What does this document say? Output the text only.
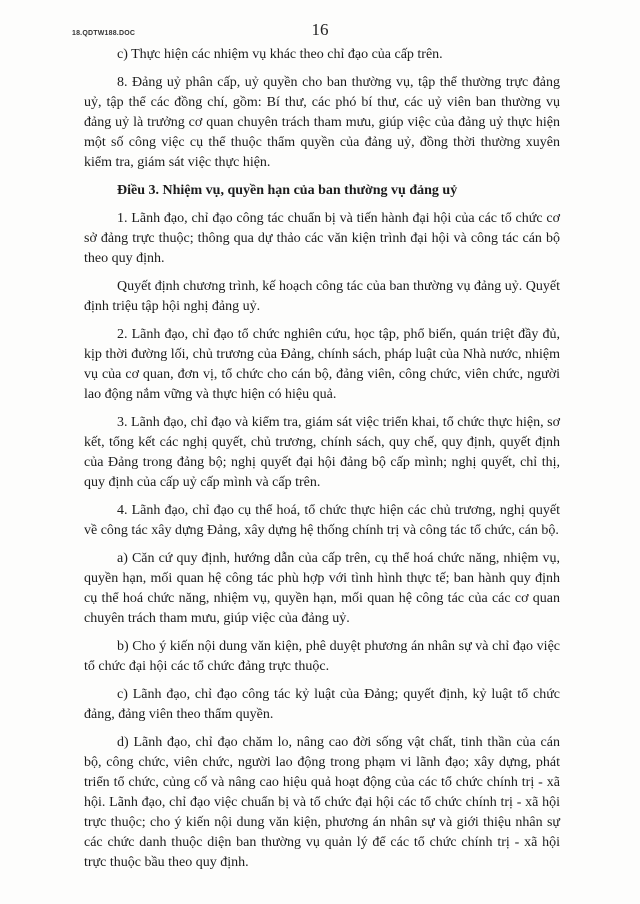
18.QDTW188.DOC	16

c) Thực hiện các nhiệm vụ khác theo chỉ đạo của cấp trên.

8. Đảng uỷ phân cấp, uỷ quyền cho ban thường vụ, tập thể thường trực đảng uỷ, tập thể các đồng chí, gồm: Bí thư, các phó bí thư, các uỷ viên ban thường vụ đảng uỷ là trưởng cơ quan chuyên trách tham mưu, giúp việc của đảng uỷ thực hiện một số công việc cụ thể thuộc thẩm quyền của đảng uỷ, đồng thời thường xuyên kiểm tra, giám sát việc thực hiện.

Điều 3. Nhiệm vụ, quyền hạn của ban thường vụ đảng uỷ

1. Lãnh đạo, chỉ đạo công tác chuẩn bị và tiến hành đại hội của các tổ chức cơ sở đảng trực thuộc; thông qua dự thảo các văn kiện trình đại hội và công tác cán bộ theo quy định.

Quyết định chương trình, kế hoạch công tác của ban thường vụ đảng uỷ. Quyết định triệu tập hội nghị đảng uỷ.

2. Lãnh đạo, chỉ đạo tổ chức nghiên cứu, học tập, phổ biến, quán triệt đầy đủ, kịp thời đường lối, chủ trương của Đảng, chính sách, pháp luật của Nhà nước, nhiệm vụ của cơ quan, đơn vị, tổ chức cho cán bộ, đảng viên, công chức, viên chức, người lao động nắm vững và thực hiện có hiệu quả.

3. Lãnh đạo, chỉ đạo và kiểm tra, giám sát việc triển khai, tổ chức thực hiện, sơ kết, tổng kết các nghị quyết, chủ trương, chính sách, quy chế, quy định, quyết định của Đảng trong đảng bộ; nghị quyết đại hội đảng bộ cấp mình; nghị quyết, chỉ thị, quy định của cấp uỷ cấp mình và cấp trên.

4. Lãnh đạo, chỉ đạo cụ thể hoá, tổ chức thực hiện các chủ trương, nghị quyết về công tác xây dựng Đảng, xây dựng hệ thống chính trị và công tác tổ chức, cán bộ.

a) Căn cứ quy định, hướng dẫn của cấp trên, cụ thể hoá chức năng, nhiệm vụ, quyền hạn, mối quan hệ công tác phù hợp với tình hình thực tế; ban hành quy định cụ thể hoá chức năng, nhiệm vụ, quyền hạn, mối quan hệ công tác của các cơ quan chuyên trách tham mưu, giúp việc của đảng uỷ.

b) Cho ý kiến nội dung văn kiện, phê duyệt phương án nhân sự và chỉ đạo việc tổ chức đại hội các tổ chức đảng trực thuộc.

c) Lãnh đạo, chỉ đạo công tác kỷ luật của Đảng; quyết định, kỷ luật tổ chức đảng, đảng viên theo thẩm quyền.

d) Lãnh đạo, chỉ đạo chăm lo, nâng cao đời sống vật chất, tinh thần của cán bộ, công chức, viên chức, người lao động trong phạm vi lãnh đạo; xây dựng, phát triển tổ chức, củng cố và nâng cao hiệu quả hoạt động của các tổ chức chính trị - xã hội. Lãnh đạo, chỉ đạo việc chuẩn bị và tổ chức đại hội các tổ chức chính trị - xã hội trực thuộc; cho ý kiến nội dung văn kiện, phương án nhân sự và giới thiệu nhân sự các chức danh thuộc diện ban thường vụ quản lý để các tổ chức chính trị - xã hội trực thuộc bầu theo quy định.
